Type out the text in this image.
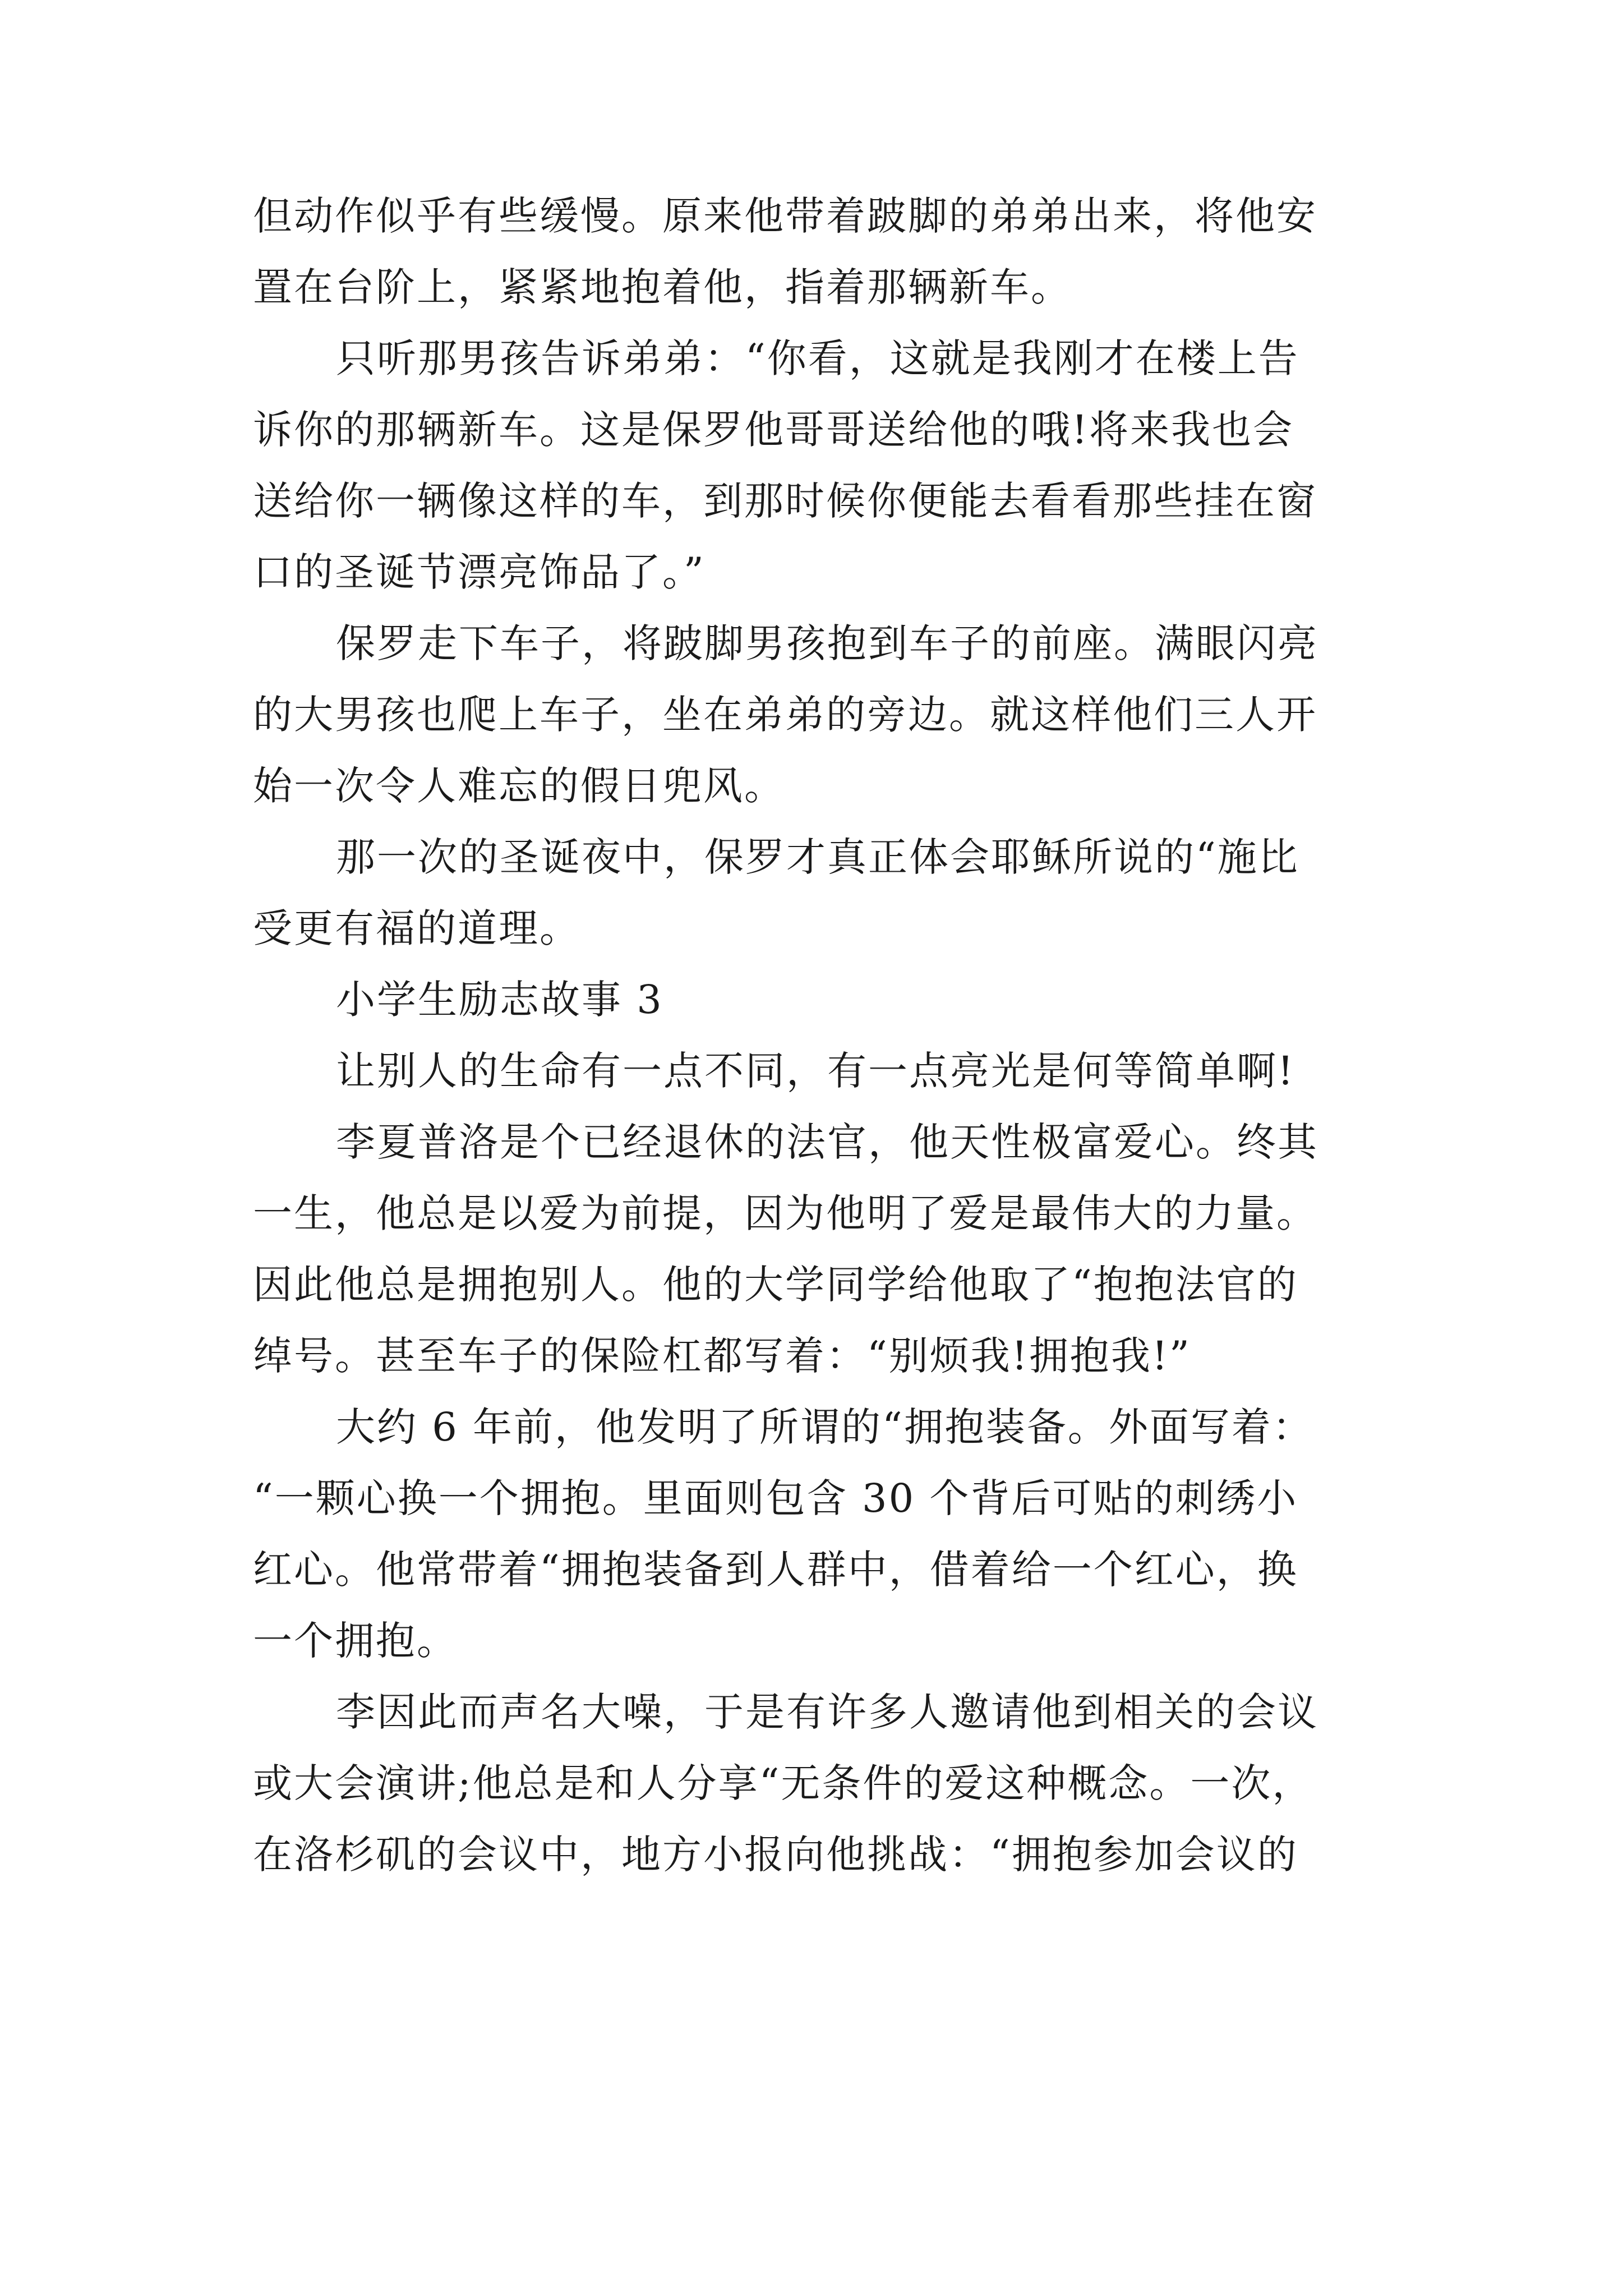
但动作似乎有些缓慢。原来他带着跛脚的弟弟出来，将他安
置在台阶上，紧紧地抱着他，指着那辆新车。
只听那男孩告诉弟弟：“你看，这就是我刚才在楼上告
诉你的那辆新车。这是保罗他哥哥送给他的哦!将来我也会
送给你一辆像这样的车，到那时候你便能去看看那些挂在窗
口的圣诞节漂亮饰品了。”
保罗走下车子，将跛脚男孩抱到车子的前座。满眼闪亮
的大男孩也爬上车子，坐在弟弟的旁边。就这样他们三人开
始一次令人难忘的假日兜风。
那一次的圣诞夜中，保罗才真正体会耶稣所说的“施比
受更有福的道理。
小学生励志故事 3
让别人的生命有一点不同，有一点亮光是何等简单啊!
李夏普洛是个已经退休的法官，他天性极富爱心。终其
一生，他总是以爱为前提，因为他明了爱是最伟大的力量。
因此他总是拥抱别人。他的大学同学给他取了“抱抱法官的
绰号。甚至车子的保险杠都写着：“别烦我!拥抱我!”
大约 6 年前，他发明了所谓的“拥抱装备。外面写着：
“一颗心换一个拥抱。里面则包含 30 个背后可贴的刺绣小
红心。他常带着“拥抱装备到人群中，借着给一个红心，换
一个拥抱。
李因此而声名大噪，于是有许多人邀请他到相关的会议
或大会演讲;他总是和人分享“无条件的爱这种概念。一次，
在洛杉矶的会议中，地方小报向他挑战：“拥抱参加会议的
